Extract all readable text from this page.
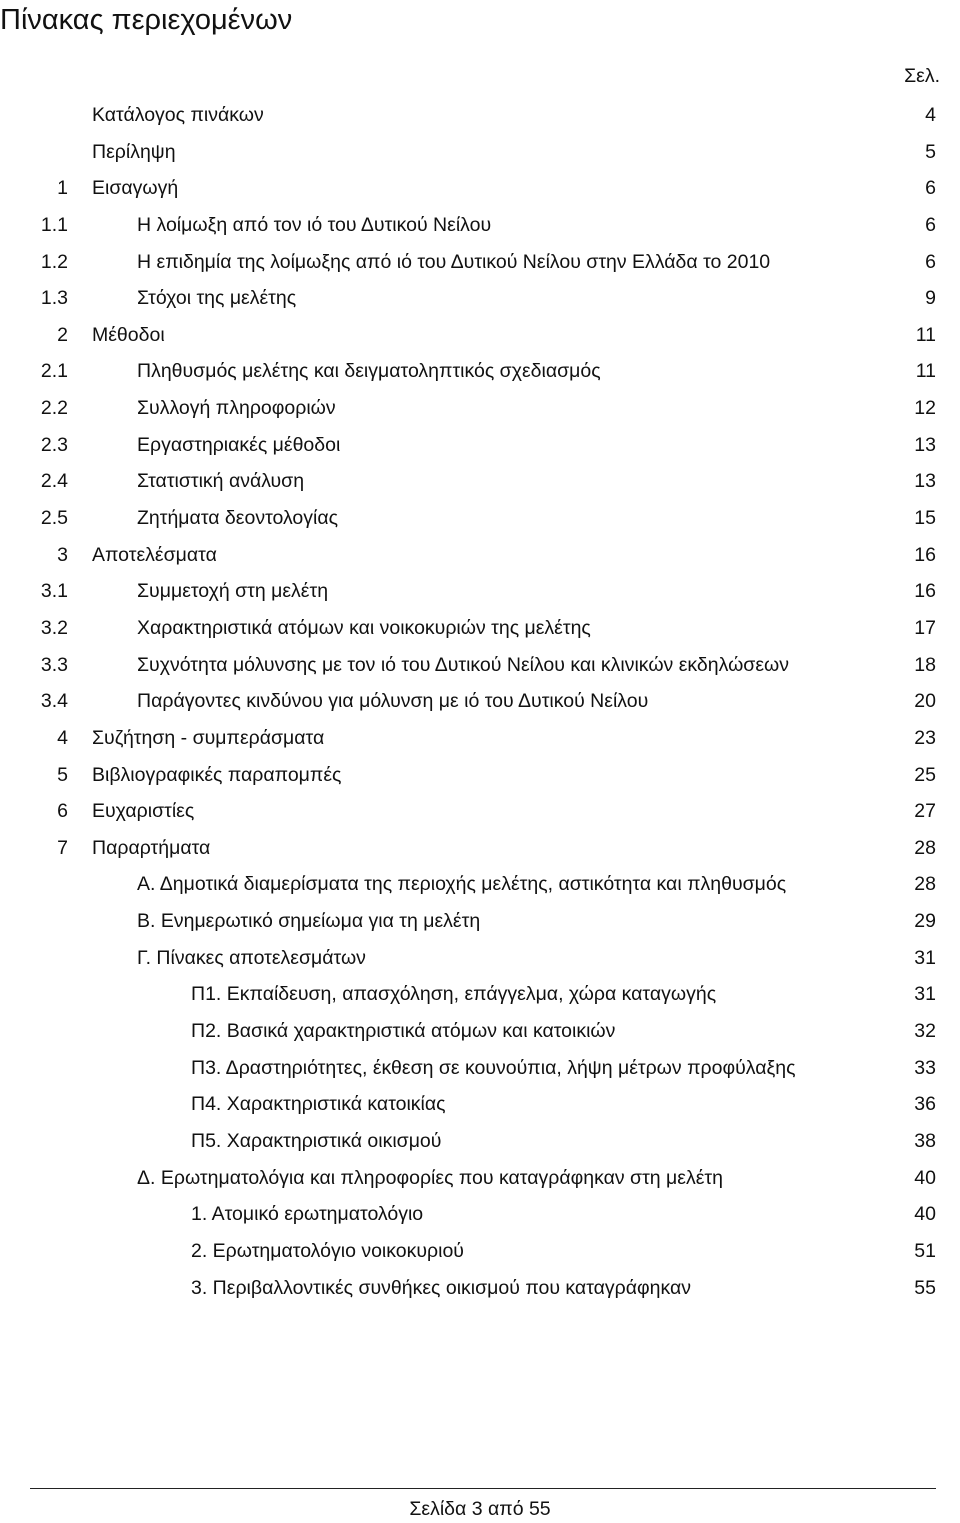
Πίνακας περιεχομένων
Σελ.
Κατάλογος πινάκων	4
Περίληψη	5
1 Εισαγωγή	6
1.1	Η λοίμωξη από τον ιό του Δυτικού Νείλου	6
1.2	Η επιδημία της λοίμωξης από ιό του Δυτικού Νείλου στην Ελλάδα το 2010	6
1.3	Στόχοι της μελέτης	9
2 Μέθοδοι	11
2.1	Πληθυσμός μελέτης και δειγματοληπτικός σχεδιασμός	11
2.2	Συλλογή πληροφοριών	12
2.3	Εργαστηριακές μέθοδοι	13
2.4	Στατιστική ανάλυση	13
2.5	Ζητήματα δεοντολογίας	15
3 Αποτελέσματα	16
3.1	Συμμετοχή στη μελέτη	16
3.2	Χαρακτηριστικά ατόμων και νοικοκυριών της μελέτης	17
3.3	Συχνότητα μόλυνσης με τον ιό του Δυτικού Νείλου και κλινικών εκδηλώσεων	18
3.4	Παράγοντες κινδύνου για μόλυνση με ιό του Δυτικού Νείλου	20
4 Συζήτηση - συμπεράσματα	23
5 Βιβλιογραφικές παραπομπές	25
6 Ευχαριστίες	27
7 Παραρτήματα	28
Α. Δημοτικά διαμερίσματα της περιοχής μελέτης, αστικότητα και πληθυσμός	28
Β. Ενημερωτικό σημείωμα για τη μελέτη	29
Γ. Πίνακες αποτελεσμάτων	31
Π1. Εκπαίδευση, απασχόληση, επάγγελμα, χώρα καταγωγής	31
Π2. Βασικά χαρακτηριστικά ατόμων και κατοικιών	32
Π3. Δραστηριότητες, έκθεση σε κουνούπια, λήψη μέτρων προφύλαξης	33
Π4. Χαρακτηριστικά κατοικίας	36
Π5. Χαρακτηριστικά οικισμού	38
Δ. Ερωτηματολόγια και πληροφορίες που καταγράφηκαν στη μελέτη	40
1. Ατομικό ερωτηματολόγιο	40
2. Ερωτηματολόγιο νοικοκυριού	51
3. Περιβαλλοντικές συνθήκες οικισμού που καταγράφηκαν	55
Σελίδα 3 από 55
